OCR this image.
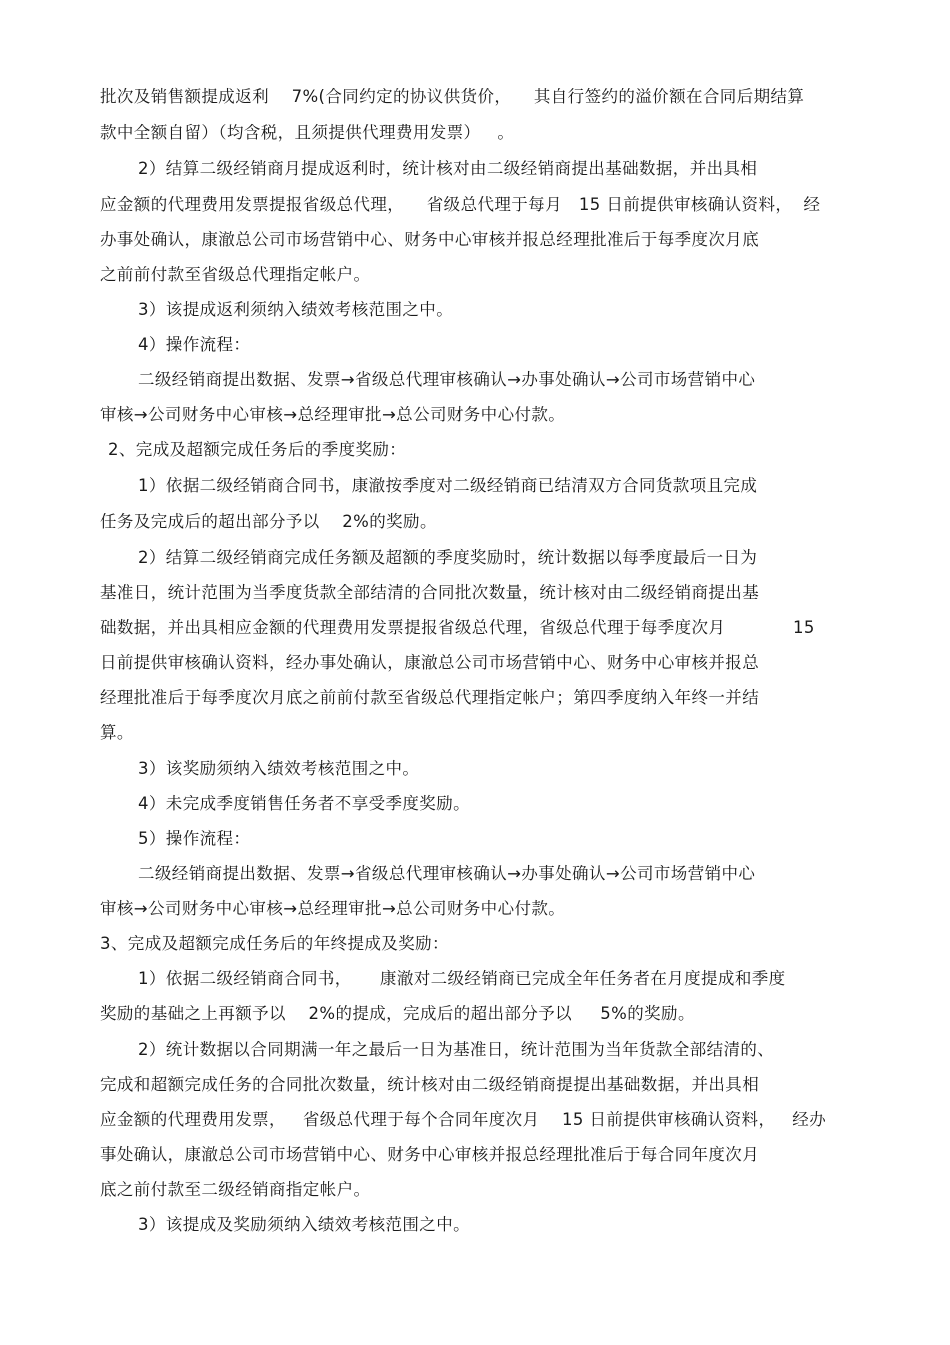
批次及销售额提成返利    7%(合同约定的协议供货价，    其自行签约的溢价额在合同后期结算

款中全额自留）（均含税，且须提供代理费用发票）   。

2）结算二级经销商月提成返利时，统计核对由二级经销商提出基础数据，并出具相

应金额的代理费用发票提报省级总代理，    省级总代理于每月   15 日前提供审核确认资料，  经

办事处确认，康澈总公司市场营销中心、财务中心审核并报总经理批准后于每季度次月底

之前前付款至省级总代理指定帐户。

3）该提成返利须纳入绩效考核范围之中。

4）操作流程：

二级经销商提出数据、发票→省级总代理审核确认→办事处确认→公司市场营销中心

审核→公司财务中心审核→总经理审批→总公司财务中心付款。

2、完成及超额完成任务后的季度奖励：

1）依据二级经销商合同书，康澈按季度对二级经销商已结清双方合同货款项且完成

任务及完成后的超出部分予以    2%的奖励。

2）结算二级经销商完成任务额及超额的季度奖励时，统计数据以每季度最后一日为

基准日，统计范围为当季度货款全部结清的合同批次数量，统计核对由二级经销商提出基

础数据，并出具相应金额的代理费用发票提报省级总代理，省级总代理于每季度次月            15

日前提供审核确认资料，经办事处确认，康澈总公司市场营销中心、财务中心审核并报总

经理批准后于每季度次月底之前前付款至省级总代理指定帐户；第四季度纳入年终一并结

算。

3）该奖励须纳入绩效考核范围之中。

4）未完成季度销售任务者不享受季度奖励。

5）操作流程：

二级经销商提出数据、发票→省级总代理审核确认→办事处确认→公司市场营销中心

审核→公司财务中心审核→总经理审批→总公司财务中心付款。

3、完成及超额完成任务后的年终提成及奖励：

1）依据二级经销商合同书，     康澈对二级经销商已完成全年任务者在月度提成和季度

奖励的基础之上再额予以    2%的提成，完成后的超出部分予以     5%的奖励。

2）统计数据以合同期满一年之最后一日为基准日，统计范围为当年货款全部结清的、

完成和超额完成任务的合同批次数量，统计核对由二级经销商提提出基础数据，并出具相

应金额的代理费用发票，   省级总代理于每个合同年度次月    15 日前提供审核确认资料，   经办

事处确认，康澈总公司市场营销中心、财务中心审核并报总经理批准后于每合同年度次月

底之前付款至二级经销商指定帐户。

3）该提成及奖励须纳入绩效考核范围之中。
